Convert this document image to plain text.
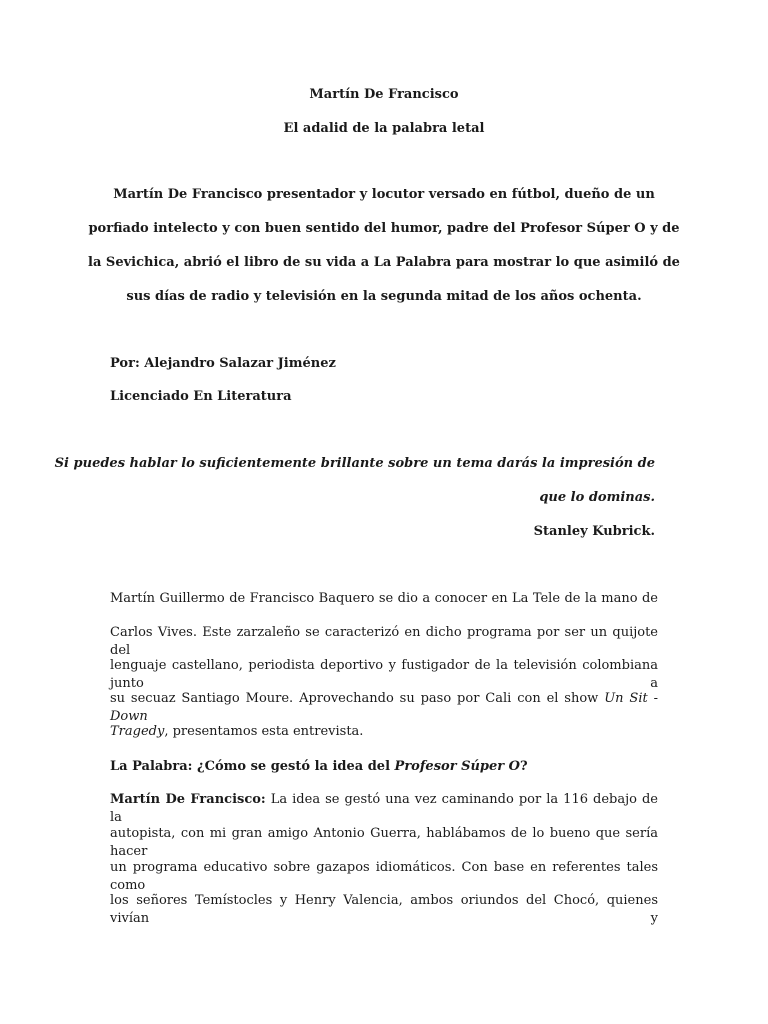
Martín De Francisco

El adalid de la palabra letal

Martín De Francisco presentador y locutor versado en fútbol, dueño de un

porfiado intelecto y con buen sentido del humor, padre del Profesor Súper O y de

la Sevichica, abrió el libro de su vida a La Palabra para mostrar lo que asimiló de

sus días de radio y televisión en la segunda mitad de los años ochenta.

Por: Alejandro Salazar Jiménez

Licenciado En Literatura

Si puedes hablar lo suficientemente brillante sobre un tema darás la impresión de

que lo dominas.

Stanley Kubrick.

Martín Guillermo de Francisco Baquero se dio a conocer en La Tele de la mano de

Carlos Vives. Este zarzaleño se caracterizó en dicho programa por ser un quijote del

lenguaje castellano, periodista deportivo y fustigador de la televisión colombiana junto a

su secuaz Santiago Moure. Aprovechando su paso por Cali con el show Un Sit - Down

Tragedy, presentamos esta entrevista.

La Palabra: ¿Cómo se gestó la idea del Profesor Súper O?

Martín De Francisco: La idea se gestó una vez caminando por la 116 debajo de la

autopista, con mi gran amigo Antonio Guerra, hablábamos de lo bueno que sería hacer

un programa educativo sobre gazapos idiomáticos. Con base en referentes tales como

los señores Temístocles y Henry Valencia, ambos oriundos del Chocó, quienes vivían y
